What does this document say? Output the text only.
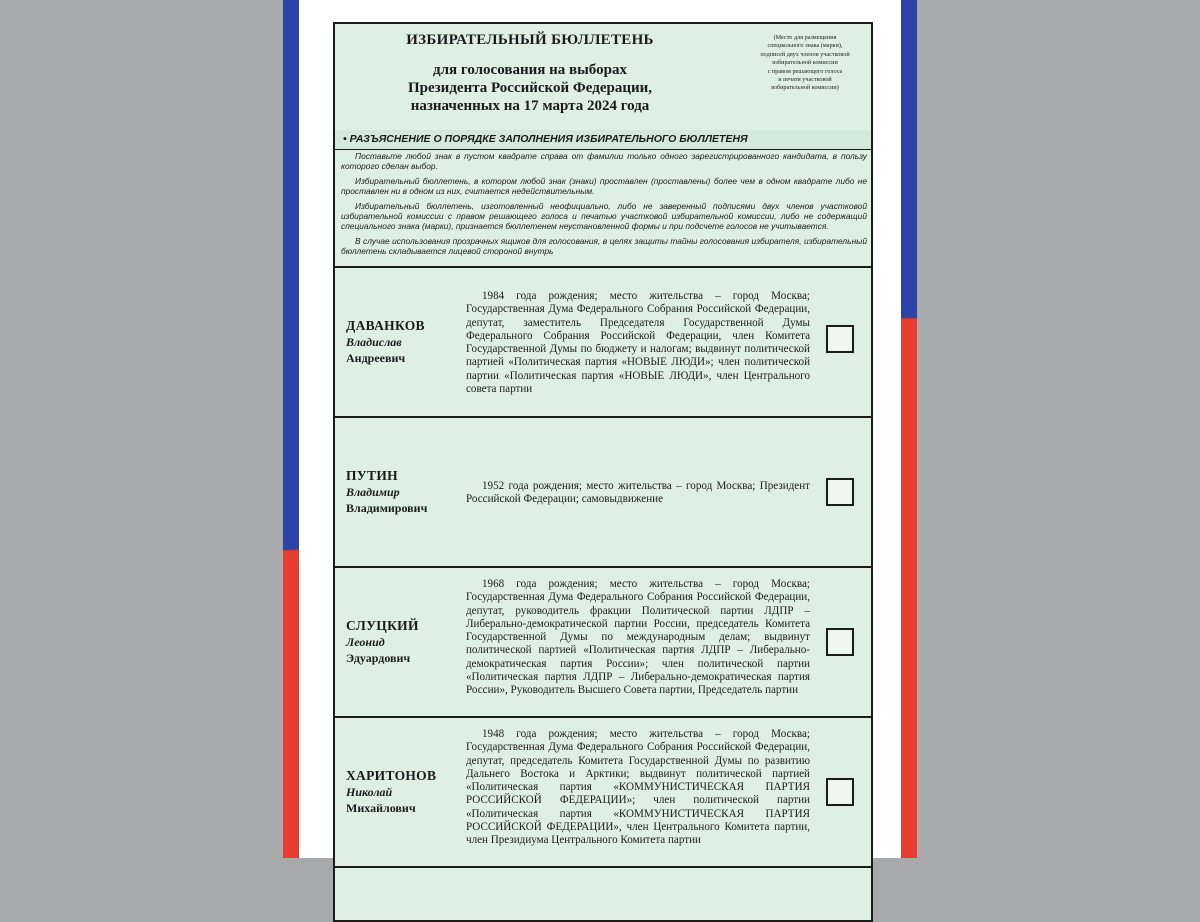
ИЗБИРАТЕЛЬНЫЙ БЮЛЛЕТЕНЬ
для голосования на выборах
Президента Российской Федерации,
назначенных на 17 марта 2024 года
(Место для размещения
специального знака (марки),
подписей двух членов участковой
избирательной комиссии
с правом решающего голоса
и печати участковой
избирательной комиссии)
• РАЗЪЯСНЕНИЕ О ПОРЯДКЕ ЗАПОЛНЕНИЯ ИЗБИРАТЕЛЬНОГО БЮЛЛЕТЕНЯ

Поставьте любой знак в пустом квадрате справа от фамилии только одного зарегистрированного кандидата, в пользу которого сделан выбор.

Избирательный бюллетень, в котором любой знак (знаки) проставлен (проставлены) более чем в одном квадрате либо не проставлен ни в одном из них, считается недействительным.

Избирательный бюллетень, изготовленный неофициально, либо не заверенный подписями двух членов участковой избирательной комиссии с правом решающего голоса и печатью участковой избирательной комиссии, либо не содержащий специального знака (марки), признается бюллетенем неустановленной формы и при подсчете голосов не учитывается.

В случае использования прозрачных ящиков для голосования, в целях защиты тайны голосования избирателя, избирательный бюллетень складывается лицевой стороной внутрь

ДАВАНКОВ
Владислав
Андреевич
1984 года рождения; место жительства – город Москва; Государственная Дума Федерального Собрания Российской Федерации, депутат, заместитель Председателя Государственной Думы Федерального Собрания Российской Федерации, член Комитета Государственной Думы по бюджету и налогам; выдвинут политической партией «Политическая партия «НОВЫЕ ЛЮДИ»; член политической партии «Политическая партия «НОВЫЕ ЛЮДИ», член Центрального совета партии
ПУТИН
Владимир
Владимирович
1952 года рождения; место жительства – город Москва; Президент Российской Федерации; самовыдвижение
СЛУЦКИЙ
Леонид
Эдуардович
1968 года рождения; место жительства – город Москва; Государственная Дума Федерального Собрания Российской Федерации, депутат, руководитель фракции Политической партии ЛДПР – Либерально-демократической партии России, председатель Комитета Государственной Думы по международным делам; выдвинут политической партией «Политическая партия ЛДПР – Либерально-демократическая партия России»; член политической партии «Политическая партия ЛДПР – Либерально-демократическая партия России», Руководитель Высшего Совета партии, Председатель партии
ХАРИТОНОВ
Николай
Михайлович
1948 года рождения; место жительства – город Москва; Государственная Дума Федерального Собрания Российской Федерации, депутат, председатель Комитета Государственной Думы по развитию Дальнего Востока и Арктики; выдвинут политической партией «Политическая партия «КОММУНИСТИЧЕСКАЯ ПАРТИЯ РОССИЙСКОЙ ФЕДЕРАЦИИ»; член политической партии «Политическая партия «КОММУНИСТИЧЕСКАЯ ПАРТИЯ РОССИЙСКОЙ ФЕДЕРАЦИИ», член Центрального Комитета партии, член Президиума Центрального Комитета партии
